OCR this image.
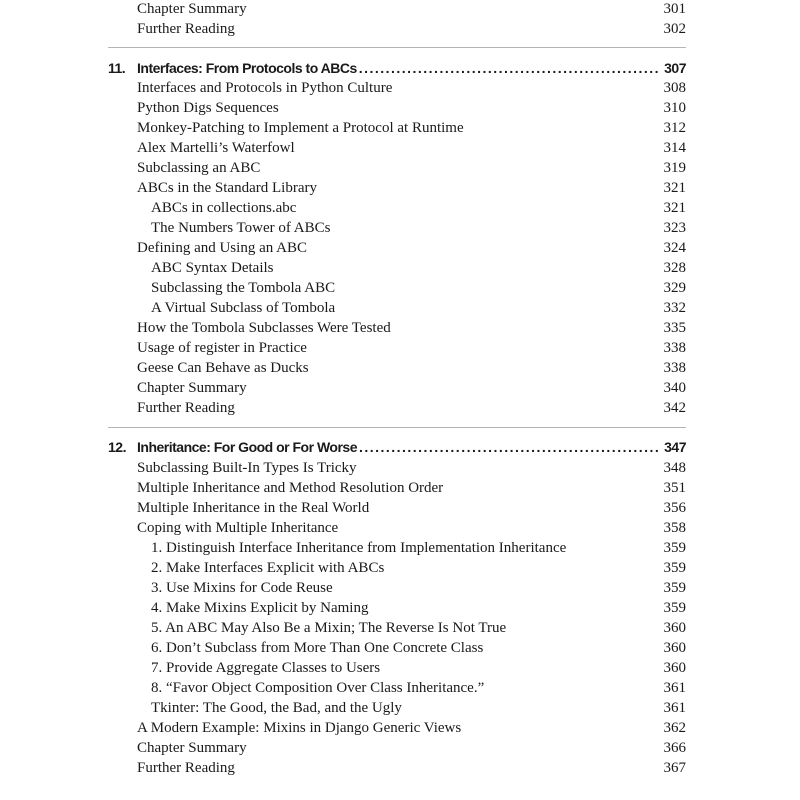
Chapter Summary	301
Further Reading	302
11. Interfaces: From Protocols to ABCs . . .	307
Interfaces and Protocols in Python Culture	308
Python Digs Sequences	310
Monkey-Patching to Implement a Protocol at Runtime	312
Alex Martelli’s Waterfowl	314
Subclassing an ABC	319
ABCs in the Standard Library	321
ABCs in collections.abc	321
The Numbers Tower of ABCs	323
Defining and Using an ABC	324
ABC Syntax Details	328
Subclassing the Tombola ABC	329
A Virtual Subclass of Tombola	332
How the Tombola Subclasses Were Tested	335
Usage of register in Practice	338
Geese Can Behave as Ducks	338
Chapter Summary	340
Further Reading	342
12. Inheritance: For Good or For Worse . . .	347
Subclassing Built-In Types Is Tricky	348
Multiple Inheritance and Method Resolution Order	351
Multiple Inheritance in the Real World	356
Coping with Multiple Inheritance	358
1. Distinguish Interface Inheritance from Implementation Inheritance	359
2. Make Interfaces Explicit with ABCs	359
3. Use Mixins for Code Reuse	359
4. Make Mixins Explicit by Naming	359
5. An ABC May Also Be a Mixin; The Reverse Is Not True	360
6. Don’t Subclass from More Than One Concrete Class	360
7. Provide Aggregate Classes to Users	360
8. “Favor Object Composition Over Class Inheritance.”	361
Tkinter: The Good, the Bad, and the Ugly	361
A Modern Example: Mixins in Django Generic Views	362
Chapter Summary	366
Further Reading	367
